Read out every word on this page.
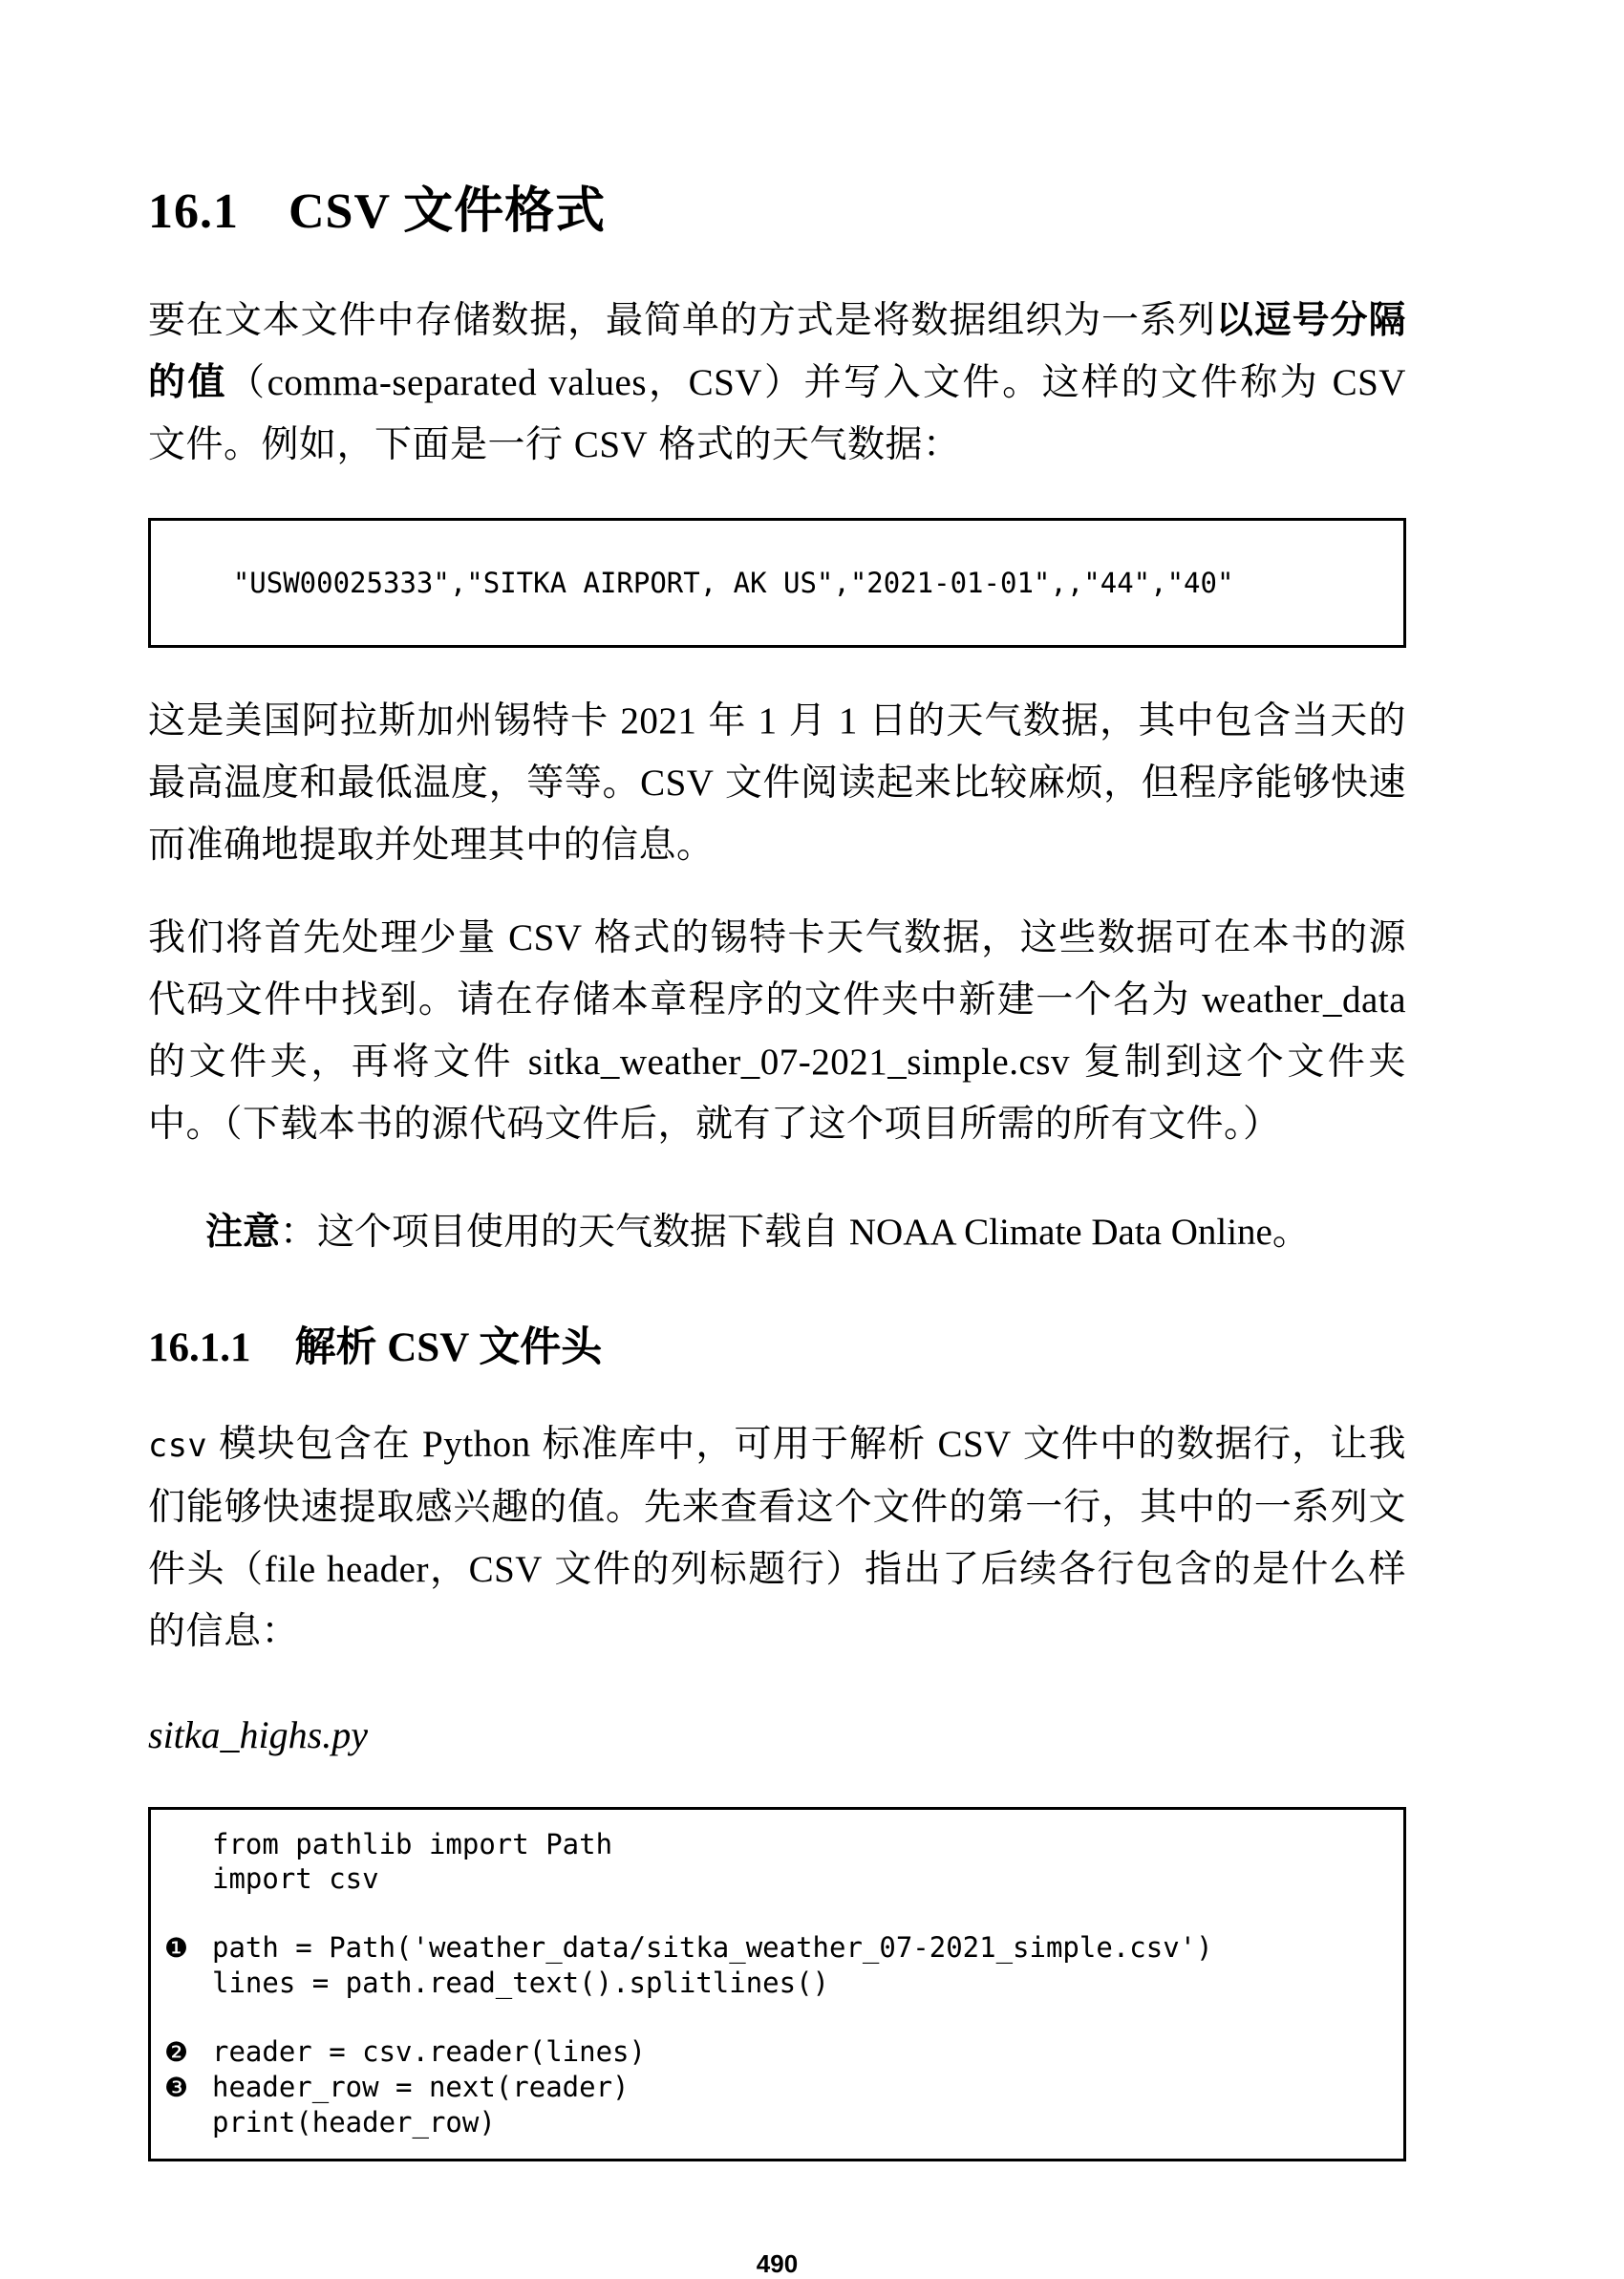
16.1 CSV 文件格式

要在文本文件中存储数据，最简单的方式是将数据组织为一系列以逗号分隔的值（comma-separated values，CSV）并写入文件。这样的文件称为 CSV 文件。例如，下面是一行 CSV 格式的天气数据：

"USW00025333","SITKA AIRPORT, AK US","2021-01-01",,"44","40"

这是美国阿拉斯加州锡特卡 2021 年 1 月 1 日的天气数据，其中包含当天的最高温度和最低温度，等等。CSV 文件阅读起来比较麻烦，但程序能够快速而准确地提取并处理其中的信息。

我们将首先处理少量 CSV 格式的锡特卡天气数据，这些数据可在本书的源代码文件中找到。请在存储本章程序的文件夹中新建一个名为 weather_data 的文件夹，再将文件 sitka_weather_07-2021_simple.csv 复制到这个文件夹中。（下载本书的源代码文件后，就有了这个项目所需的所有文件。）

注意：这个项目使用的天气数据下载自 NOAA Climate Data Online。

16.1.1 解析 CSV 文件头

csv 模块包含在 Python 标准库中，可用于解析 CSV 文件中的数据行，让我们能够快速提取感兴趣的值。先来查看这个文件的第一行，其中的一系列文件头（file header，CSV 文件的列标题行）指出了后续各行包含的是什么样的信息：

sitka_highs.py

from pathlib import Path
import csv

❶ path = Path('weather_data/sitka_weather_07-2021_simple.csv')
lines = path.read_text().splitlines()

❷ reader = csv.reader(lines)
❸ header_row = next(reader)
print(header_row)
490
